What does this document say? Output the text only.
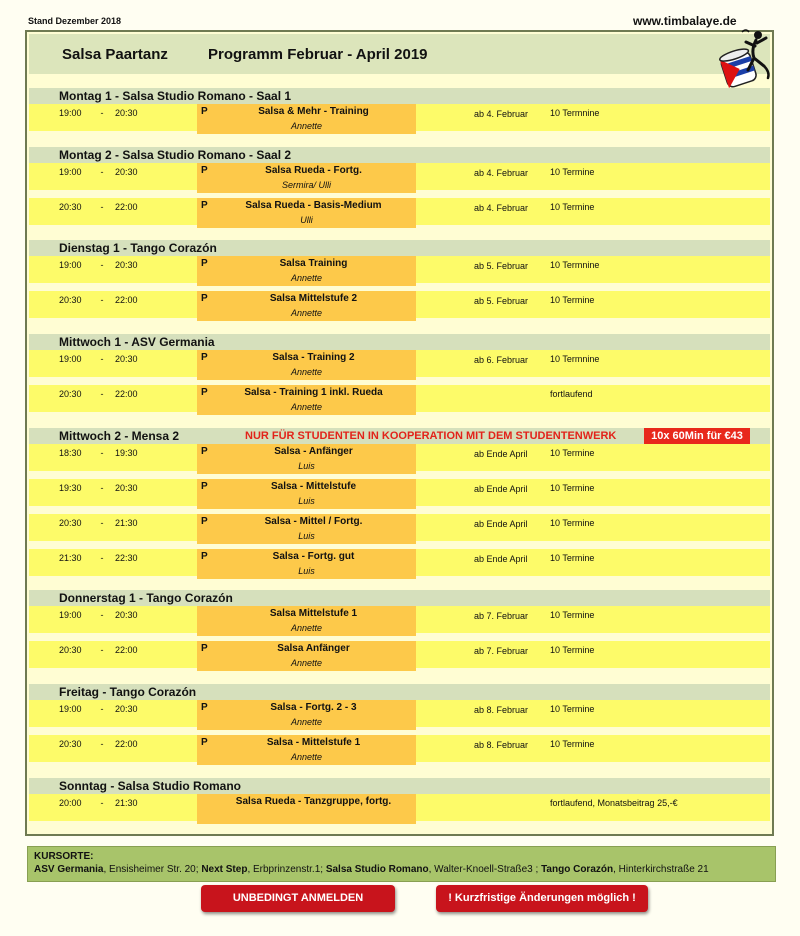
Stand Dezember 2018	www.timbalaye.de
Salsa Paartanz	Programm Februar - April 2019
Montag 1 - Salsa Studio Romano - Saal 1
19:00 - 20:30	P	Salsa & Mehr - Training
Annette
ab 4. Februar 10 Termnine
Montag 2 - Salsa Studio Romano - Saal 2
19:00 - 20:30	P	Salsa Rueda - Fortg.
Sermira/ Ulli
ab 4. Februar 10 Termine
20:30 - 22:00	P	Salsa Rueda - Basis-Medium
Ulli
ab 4. Februar 10 Termine
Dienstag 1 - Tango Corazón
19:00 - 20:30	P	Salsa Training
Annette
ab 5. Februar 10 Termnine
20:30 - 22:00	P	Salsa Mittelstufe 2
Annette
ab 5. Februar 10 Termine
Mittwoch 1 - ASV Germania
19:00 - 20:30	P	Salsa - Training 2
Annette
ab 6. Februar 10 Termnine
20:30 - 22:00	P	Salsa - Training 1 inkl. Rueda
Annette
fortlaufend
Mittwoch 2 - Mensa 2	NUR FÜR STUDENTEN IN KOOPERATION MIT DEM STUDENTENWERK	10x 60Min für €43
18:30 - 19:30	P	Salsa - Anfänger
Luis
ab Ende April 10 Termine
19:30 - 20:30	P	Salsa - Mittelstufe
Luis
ab Ende April 10 Termine
20:30 - 21:30	P	Salsa - Mittel / Fortg.
Luis
ab Ende April 10 Termine
21:30 - 22:30	P	Salsa - Fortg. gut
Luis
ab Ende April 10 Termine
Donnerstag 1 - Tango Corazón
19:00 - 20:30	Salsa Mittelstufe 1
Annette
ab 7. Februar 10 Termine
20:30 - 22:00	P	Salsa Anfänger
Annette
ab 7. Februar 10 Termine
Freitag - Tango Corazón
19:00 - 20:30	P	Salsa - Fortg. 2 - 3
Annette
ab 8. Februar 10 Termine
20:30 - 22:00	P	Salsa - Mittelstufe 1
Annette
ab 8. Februar 10 Termine
Sonntag - Salsa Studio Romano
20:00 - 21:30	Salsa Rueda - Tanzgruppe, fortg.	fortlaufend, Monatsbeitrag 25,-€
KURSORTE:
ASV Germania, Ensisheimer Str. 20; Next Step, Erbprinzenstr.1; Salsa Studio Romano, Walter-Knoell-Straße3 ; Tango Corazón, Hinterkirchstraße 21
UNBEDINGT ANMELDEN	! Kurzfristige Änderungen möglich !
